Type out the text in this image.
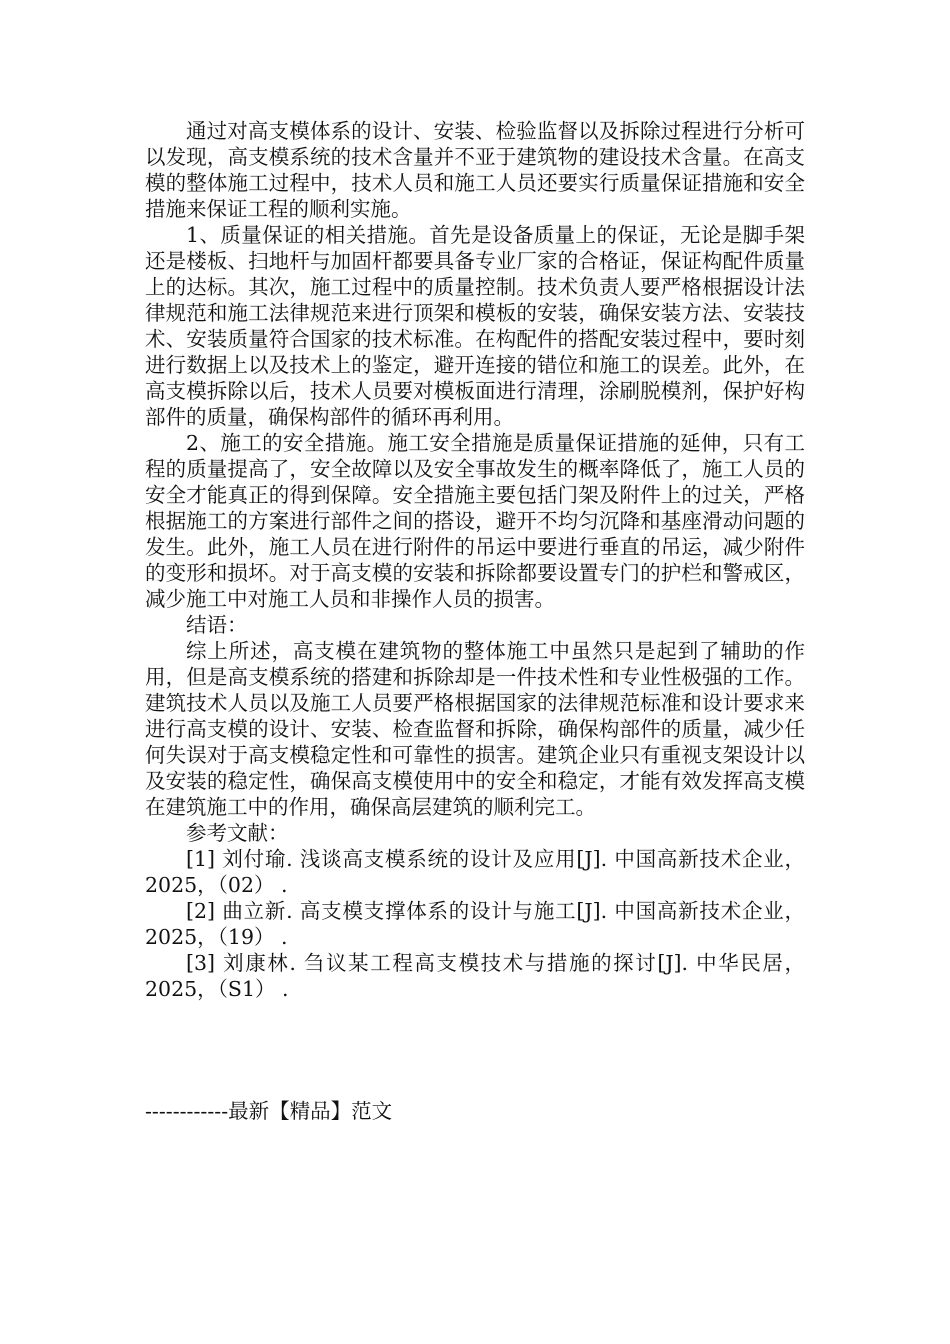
通过对高支模体系的设计、安装、检验监督以及拆除过程进行分析可以发现，高支模系统的技术含量并不亚于建筑物的建设技术含量。在高支模的整体施工过程中，技术人员和施工人员还要实行质量保证措施和安全措施来保证工程的顺利实施。

1、质量保证的相关措施。首先是设备质量上的保证，无论是脚手架还是楼板、扫地杆与加固杆都要具备专业厂家的合格证，保证构配件质量上的达标。其次，施工过程中的质量控制。技术负责人要严格根据设计法律规范和施工法律规范来进行顶架和模板的安装，确保安装方法、安装技术、安装质量符合国家的技术标准。在构配件的搭配安装过程中，要时刻进行数据上以及技术上的鉴定，避开连接的错位和施工的误差。此外，在高支模拆除以后，技术人员要对模板面进行清理，涂刷脱模剂，保护好构部件的质量，确保构部件的循环再利用。

2、施工的安全措施。施工安全措施是质量保证措施的延伸，只有工程的质量提高了，安全故障以及安全事故发生的概率降低了，施工人员的安全才能真正的得到保障。安全措施主要包括门架及附件上的过关，严格根据施工的方案进行部件之间的搭设，避开不均匀沉降和基座滑动问题的发生。此外，施工人员在进行附件的吊运中要进行垂直的吊运，减少附件的变形和损坏。对于高支模的安装和拆除都要设置专门的护栏和警戒区，减少施工中对施工人员和非操作人员的损害。

结语：

综上所述，高支模在建筑物的整体施工中虽然只是起到了辅助的作用，但是高支模系统的搭建和拆除却是一件技术性和专业性极强的工作。建筑技术人员以及施工人员要严格根据国家的法律规范标准和设计要求来进行高支模的设计、安装、检查监督和拆除，确保构部件的质量，减少任何失误对于高支模稳定性和可靠性的损害。建筑企业只有重视支架设计以及安装的稳定性，确保高支模使用中的安全和稳定，才能有效发挥高支模在建筑施工中的作用，确保高层建筑的顺利完工。

参考文献：

[1] 刘付瑜. 浅谈高支模系统的设计及应用[J]. 中国高新技术企业， 2025，（02） .

[2] 曲立新. 高支模支撑体系的设计与施工[J]. 中国高新技术企业， 2025，（19） .

[3] 刘康林. 刍议某工程高支模技术与措施的探讨[J]. 中华民居， 2025，（S1） .

------------最新【精品】范文
